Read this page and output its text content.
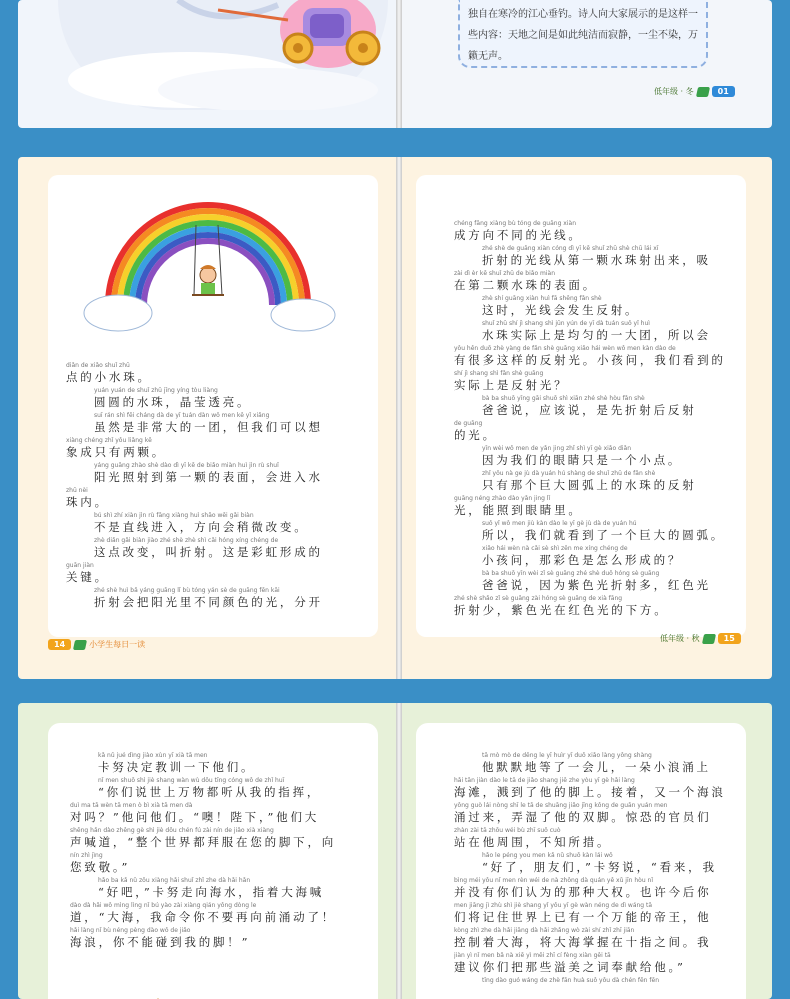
独自在寒冷的江心垂钓。诗人向大家展示的是这样一

些内容：天地之间是如此纯洁而寂静，一尘不染，万

籁无声。

低年级 · 冬	01
diǎn de xiǎo shuǐ zhū
点的小水珠。
yuán yuán de shuǐ zhū jīng yíng tòu liàng
圆圆的水珠，晶莹透亮。
suī rán shì fēi cháng dà de yī tuán dàn wǒ men kě yǐ xiǎng
虽然是非常大的一团，但我们可以想
xiàng chéng zhǐ yǒu liǎng kē
象成只有两颗。
yáng guāng zhào shè dào dì yī kē de biǎo miàn huì jìn rù shuǐ
阳光照射到第一颗的表面，会进入水
zhū nèi
珠内。
bú shì zhí xiàn jìn rù fāng xiàng huì shāo wēi gǎi biàn
不是直线进入，方向会稍微改变。
zhè diǎn gǎi biàn jiào zhé shè zhè shì cǎi hóng xíng chéng de
这点改变，叫折射。这是彩虹形成的
guān jiàn
关键。
zhé shè huì bǎ yáng guāng lǐ bù tóng yán sè de guāng fēn kāi
折射会把阳光里不同颜色的光，分开
14	小学生每日一读
chéng fāng xiàng bù tóng de guāng xiàn
成方向不同的光线。
zhé shè de guāng xiàn cóng dì yī kē shuǐ zhū shè chū lái xī
折射的光线从第一颗水珠射出来，吸
zài dì èr kē shuǐ zhū de biǎo miàn
在第二颗水珠的表面。
zhè shí guāng xiàn huì fā shēng fǎn shè
这时，光线会发生反射。
shuǐ zhū shí jì shang shì jūn yún de yī dà tuán suǒ yǐ huì
水珠实际上是均匀的一大团，所以会
yǒu hěn duō zhè yàng de fǎn shè guāng xiǎo hái wèn wǒ men kàn dào de
有很多这样的反射光。小孩问，我们看到的
shí jì shang shì fǎn shè guāng
实际上是反射光？
bà ba shuō yīng gāi shuō shì xiān zhé shè hòu fǎn shè
爸爸说，应该说，是先折射后反射
de guāng
的光。
yīn wèi wǒ men de yǎn jing zhǐ shì yī gè xiǎo diǎn
因为我们的眼睛只是一个小点。
zhǐ yǒu nà ge jù dà yuán hú shàng de shuǐ zhū de fǎn shè
只有那个巨大圆弧上的水珠的反射
guāng néng zhào dào yǎn jing lǐ
光，能照到眼睛里。
suǒ yǐ wǒ men jiù kàn dào le yī gè jù dà de yuán hú
所以，我们就看到了一个巨大的圆弧。
xiǎo hái wèn nà cǎi sè shì zěn me xíng chéng de
小孩问，那彩色是怎么形成的？
bà ba shuō yīn wèi zǐ sè guāng zhé shè duō hóng sè guāng
爸爸说，因为紫色光折射多，红色光
zhé shè shǎo zǐ sè guāng zài hóng sè guāng de xià fāng
折射少，紫色光在红色光的下方。
低年级 · 秋	15
kǎ nǔ jué dìng jiào xùn yī xià tā men
卡努决定教训一下他们。
nǐ men shuō shì jiè shang wàn wù dōu tīng cóng wǒ de zhǐ huī
“你们说世上万物都听从我的指挥，
duì ma tā wèn tā men ò bì xià tā men dà
对吗？”他问他们。“噢！陛下，”他们大
shēng hǎn dào zhěng gè shì jiè dōu chén fú zài nín de jiǎo xià xiàng
声喊道，“整个世界都拜服在您的脚下，向
nín zhì jìng
您致敬。”
hǎo ba kǎ nǔ zǒu xiàng hǎi shuǐ zhǐ zhe dà hǎi hǎn
“好吧，”卡努走向海水，指着大海喊
dào dà hǎi wǒ mìng lìng nǐ bú yào zài xiàng qián yǒng dòng le
道，“大海，我命令你不要再向前涌动了！
hǎi làng nǐ bù néng pèng dào wǒ de jiǎo
海浪，你不能碰到我的脚！”
tā mò mò de děng le yī huìr yī duǒ xiǎo làng yǒng shàng
他默默地等了一会儿，一朵小浪涌上
hǎi tān jiàn dào le tā de jiǎo shang jiē zhe yòu yī gè hǎi làng
海滩，溅到了他的脚上。接着，又一个海浪
yǒng guò lái nòng shī le tā de shuāng jiǎo jīng kǒng de guān yuán men
涌过来，弄湿了他的双脚。惊恐的官员们
zhàn zài tā zhōu wéi bù zhī suǒ cuò
站在他周围，不知所措。
hǎo le péng you men kǎ nǔ shuō kàn lái wǒ
“好了，朋友们，”卡努说，“看来，我
bìng méi yǒu nǐ men rèn wéi de nà zhǒng dà quán yě xǔ jīn hòu nǐ
并没有你们认为的那种大权。也许今后你
men jiāng jì zhù shì jiè shang yǐ yǒu yī gè wàn néng de dì wáng tā
们将记住世界上已有一个万能的帝王，他
kòng zhì zhe dà hǎi jiāng dà hǎi zhǎng wò zài shí zhǐ zhī jiān
控制着大海，将大海掌握在十指之间。我
jiàn yì nǐ men bǎ nà xiē yì měi zhī cí fèng xiàn gěi tā
建议你们把那些溢美之词奉献给他。”
tīng dào guó wáng de zhè fān huà suǒ yǒu dà chén fēn fēn
